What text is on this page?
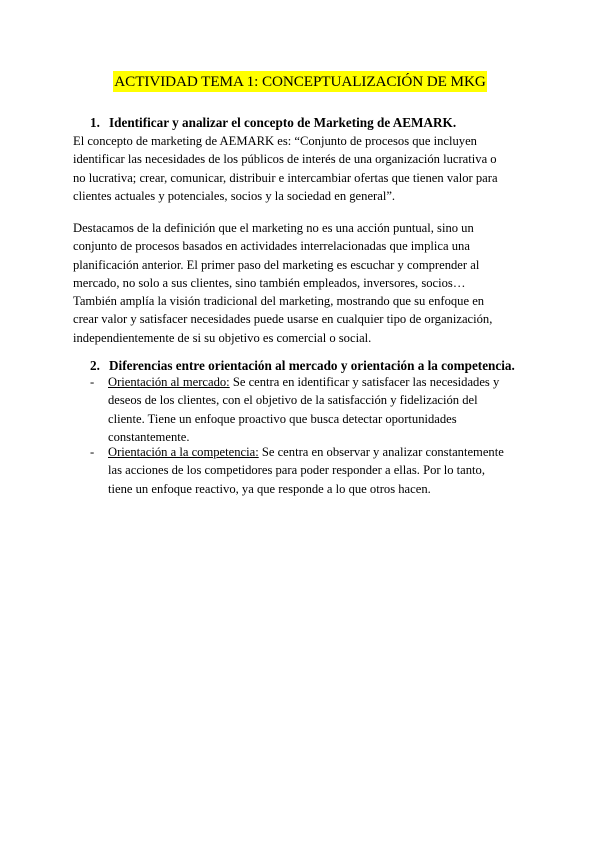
ACTIVIDAD TEMA 1: CONCEPTUALIZACIÓN DE MKG
1. Identificar y analizar el concepto de Marketing de AEMARK.
El concepto de marketing de AEMARK es: “Conjunto de procesos que incluyen
identificar las necesidades de los públicos de interés de una organización lucrativa o
no lucrativa; crear, comunicar, distribuir e intercambiar ofertas que tienen valor para
clientes actuales y potenciales, socios y la sociedad en general”.
Destacamos de la definición que el marketing no es una acción puntual, sino un
conjunto de procesos basados en actividades interrelacionadas que implica una
planificación anterior. El primer paso del marketing es escuchar y comprender al
mercado, no solo a sus clientes, sino también empleados, inversores, socios…
También amplía la visión tradicional del marketing, mostrando que su enfoque en
crear valor y satisfacer necesidades puede usarse en cualquier tipo de organización,
independientemente de si su objetivo es comercial o social.
2. Diferencias entre orientación al mercado y orientación a la competencia.
- Orientación al mercado: Se centra en identificar y satisfacer las necesidades y
deseos de los clientes, con el objetivo de la satisfacción y fidelización del
cliente. Tiene un enfoque proactivo que busca detectar oportunidades
constantemente.
- Orientación a la competencia: Se centra en observar y analizar constantemente
las acciones de los competidores para poder responder a ellas. Por lo tanto,
tiene un enfoque reactivo, ya que responde a lo que otros hacen.
